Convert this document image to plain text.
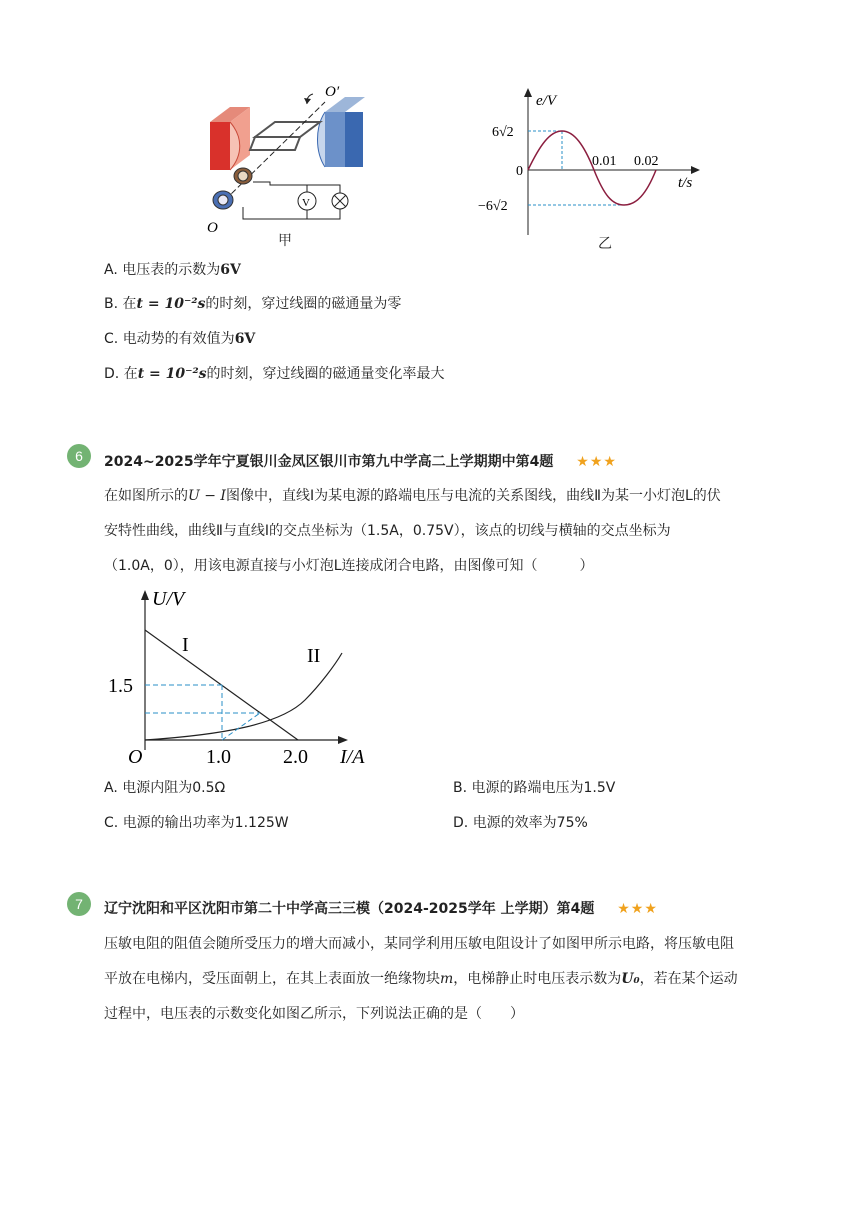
O′
O
V
甲
e/V
t/s
6√2
−6√2
0
0.01 0.02
乙
A. 电压表的示数为6V
B. 在t = 10⁻²s的时刻，穿过线圈的磁通量为零
C. 电动势的有效值为6V
D. 在t = 10⁻²s的时刻，穿过线圈的磁通量变化率最大
6	2024~2025学年宁夏银川金凤区银川市第九中学高二上学期期中第4题 ★★★
在如图所示的U − I图像中，直线Ⅰ为某电源的路端电压与电流的关系图线，曲线Ⅱ为某一小灯泡L的伏
安特性曲线，曲线Ⅱ与直线Ⅰ的交点坐标为（1.5A，0.75V），该点的切线与横轴的交点坐标为
（1.0A，0），用该电源直接与小灯泡L连接成闭合电路，由图像可知（　　　）
U/V
I/A
O
1.5
1.0	2.0
I	II
A. 电源内阻为0.5Ω	B. 电源的路端电压为1.5V
C. 电源的输出功率为1.125W	D. 电源的效率为75%
7	辽宁沈阳和平区沈阳市第二十中学高三三模（2024-2025学年 上学期）第4题 ★★★
压敏电阻的阻值会随所受压力的增大而减小，某同学利用压敏电阻设计了如图甲所示电路，将压敏电阻
平放在电梯内，受压面朝上，在其上表面放一绝缘物块m，电梯静止时电压表示数为U₀，若在某个运动
过程中，电压表的示数变化如图乙所示，下列说法正确的是（　　）
